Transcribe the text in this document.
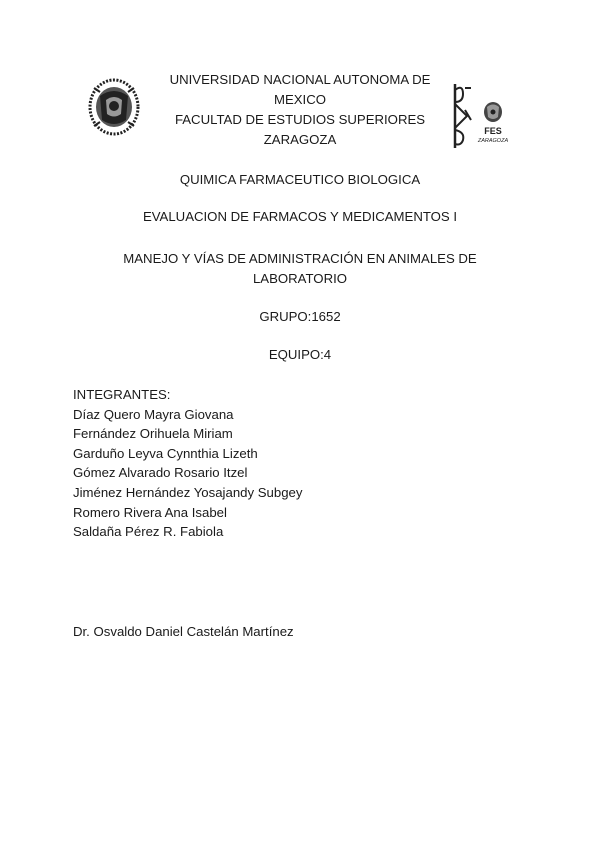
FES
ZARAGOZA
UNIVERSIDAD NACIONAL AUTONOMA DE
MEXICO
FACULTAD DE ESTUDIOS SUPERIORES
ZARAGOZA
QUIMICA FARMACEUTICO BIOLOGICA
EVALUACION DE FARMACOS Y MEDICAMENTOS I
MANEJO Y VÍAS DE ADMINISTRACIÓN EN ANIMALES DE
LABORATORIO
GRUPO:1652
EQUIPO:4
INTEGRANTES:
Díaz Quero Mayra Giovana
Fernández Orihuela Miriam
Garduño Leyva Cynnthia Lizeth
Gómez Alvarado Rosario Itzel
Jiménez Hernández Yosajandy Subgey
Romero Rivera Ana Isabel
Saldaña Pérez R. Fabiola
Dr. Osvaldo Daniel Castelán Martínez
